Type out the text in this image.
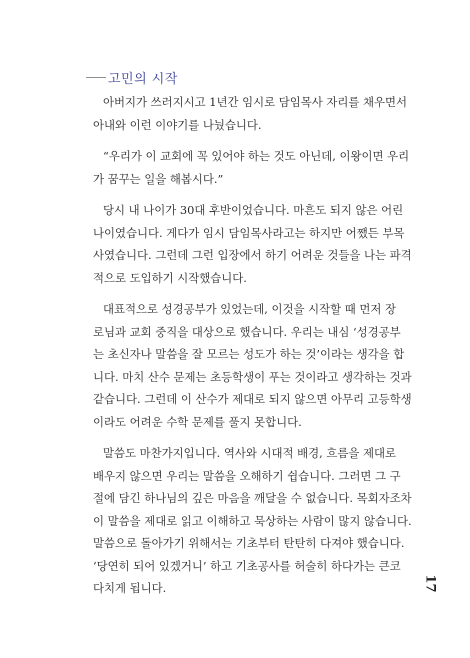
고민의 시작

아버지가 쓰러지시고 1년간 임시로 담임목사 자리를 채우면서
아내와 이런 이야기를 나눴습니다.

“우리가 이 교회에 꼭 있어야 하는 것도 아닌데, 이왕이면 우리
가 꿈꾸는 일을 해봅시다.”

당시 내 나이가 30대 후반이었습니다. 마흔도 되지 않은 어린
나이였습니다. 게다가 임시 담임목사라고는 하지만 어쨌든 부목
사였습니다. 그런데 그런 입장에서 하기 어려운 것들을 나는 파격
적으로 도입하기 시작했습니다.

대표적으로 성경공부가 있었는데, 이것을 시작할 때 먼저 장
로님과 교회 중직을 대상으로 했습니다. 우리는 내심 ‘성경공부
는 초신자나 말씀을 잘 모르는 성도가 하는 것’이라는 생각을 합
니다. 마치 산수 문제는 초등학생이 푸는 것이라고 생각하는 것과
같습니다. 그런데 이 산수가 제대로 되지 않으면 아무리 고등학생
이라도 어려운 수학 문제를 풀지 못합니다.

말씀도 마찬가지입니다. 역사와 시대적 배경, 흐름을 제대로
배우지 않으면 우리는 말씀을 오해하기 쉽습니다. 그러면 그 구
절에 담긴 하나님의 깊은 마음을 깨달을 수 없습니다. 목회자조차
이 말씀을 제대로 읽고 이해하고 묵상하는 사람이 많지 않습니다.
말씀으로 돌아가기 위해서는 기초부터 탄탄히 다져야 했습니다.
‘당연히 되어 있겠거니’ 하고 기초공사를 허술히 하다가는 큰코
다치게 됩니다.	17
